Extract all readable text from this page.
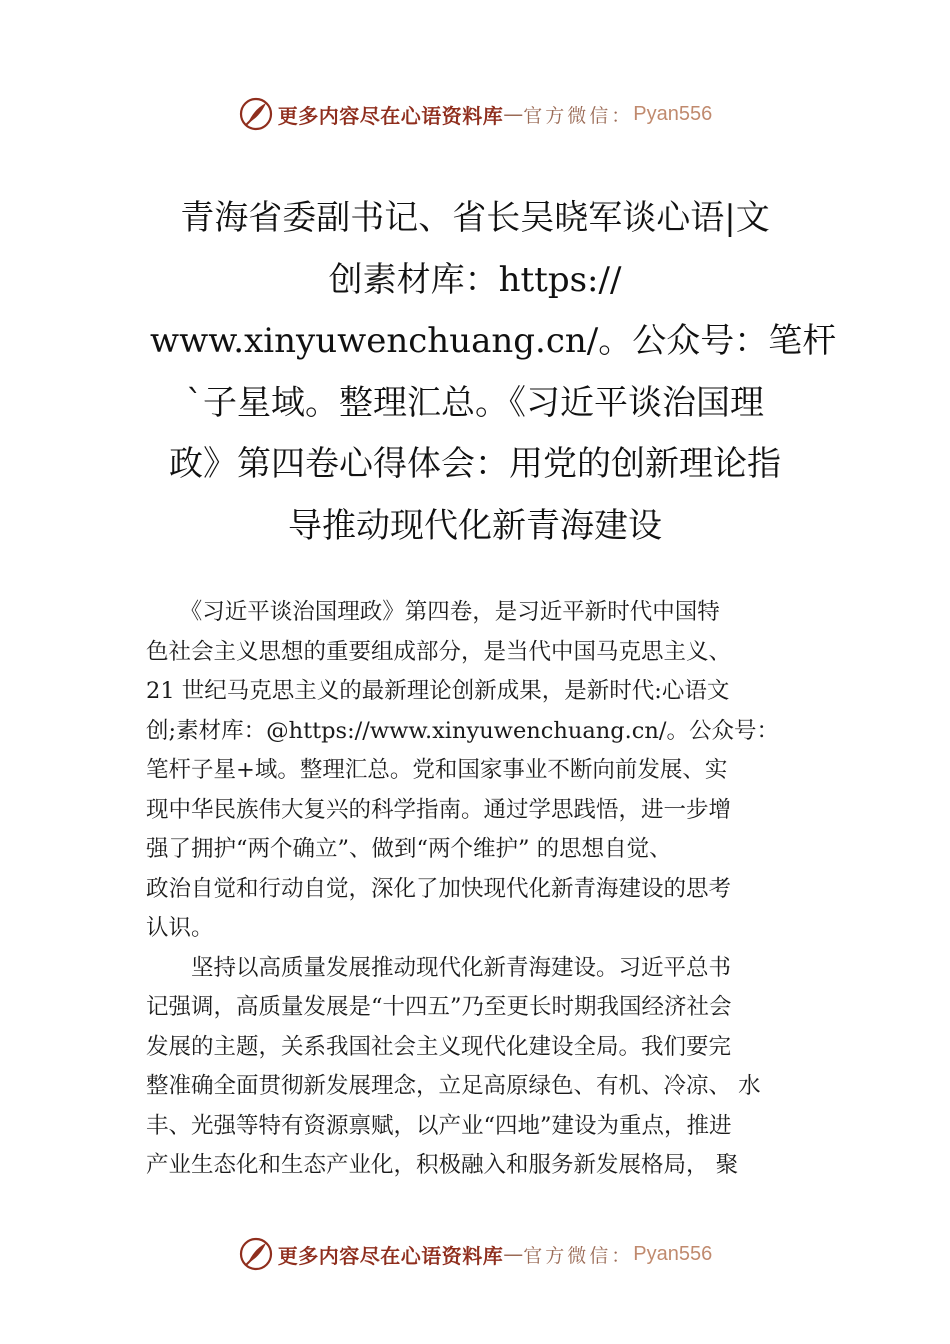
更多内容尽在心语资料库 — 官方微信： Pyan556
青海省委副书记、省长吴晓军谈心语|文
创素材库：https://
www.xinyuwenchuang.cn/。公众号：笔杆
`子星域。整理汇总。《习近平谈治国理
政》第四卷心得体会：用党的创新理论指
导推动现代化新青海建设
　　《习近平谈治国理政》第四卷，是习近平新时代中国特
色社会主义思想的重要组成部分，是当代中国马克思主义、
21 世纪马克思主义的最新理论创新成果，是新时代:心语文
创;素材库：@https://www.xinyuwenchuang.cn/。公众号：
笔杆子星+域。整理汇总。党和国家事业不断向前发展、实
现中华民族伟大复兴的科学指南。通过学思践悟，进一步增
强了拥护“两个确立”、做到“两个维护” 的思想自觉、
政治自觉和行动自觉，深化了加快现代化新青海建设的思考
认识。
　　坚持以高质量发展推动现代化新青海建设。习近平总书
记强调，高质量发展是“十四五”乃至更长时期我国经济社会
发展的主题，关系我国社会主义现代化建设全局。我们要完
整准确全面贯彻新发展理念，立足高原绿色、有机、冷凉、 水
丰、光强等特有资源禀赋，以产业“四地”建设为重点，推进
产业生态化和生态产业化，积极融入和服务新发展格局， 聚
更多内容尽在心语资料库 — 官方微信： Pyan556
